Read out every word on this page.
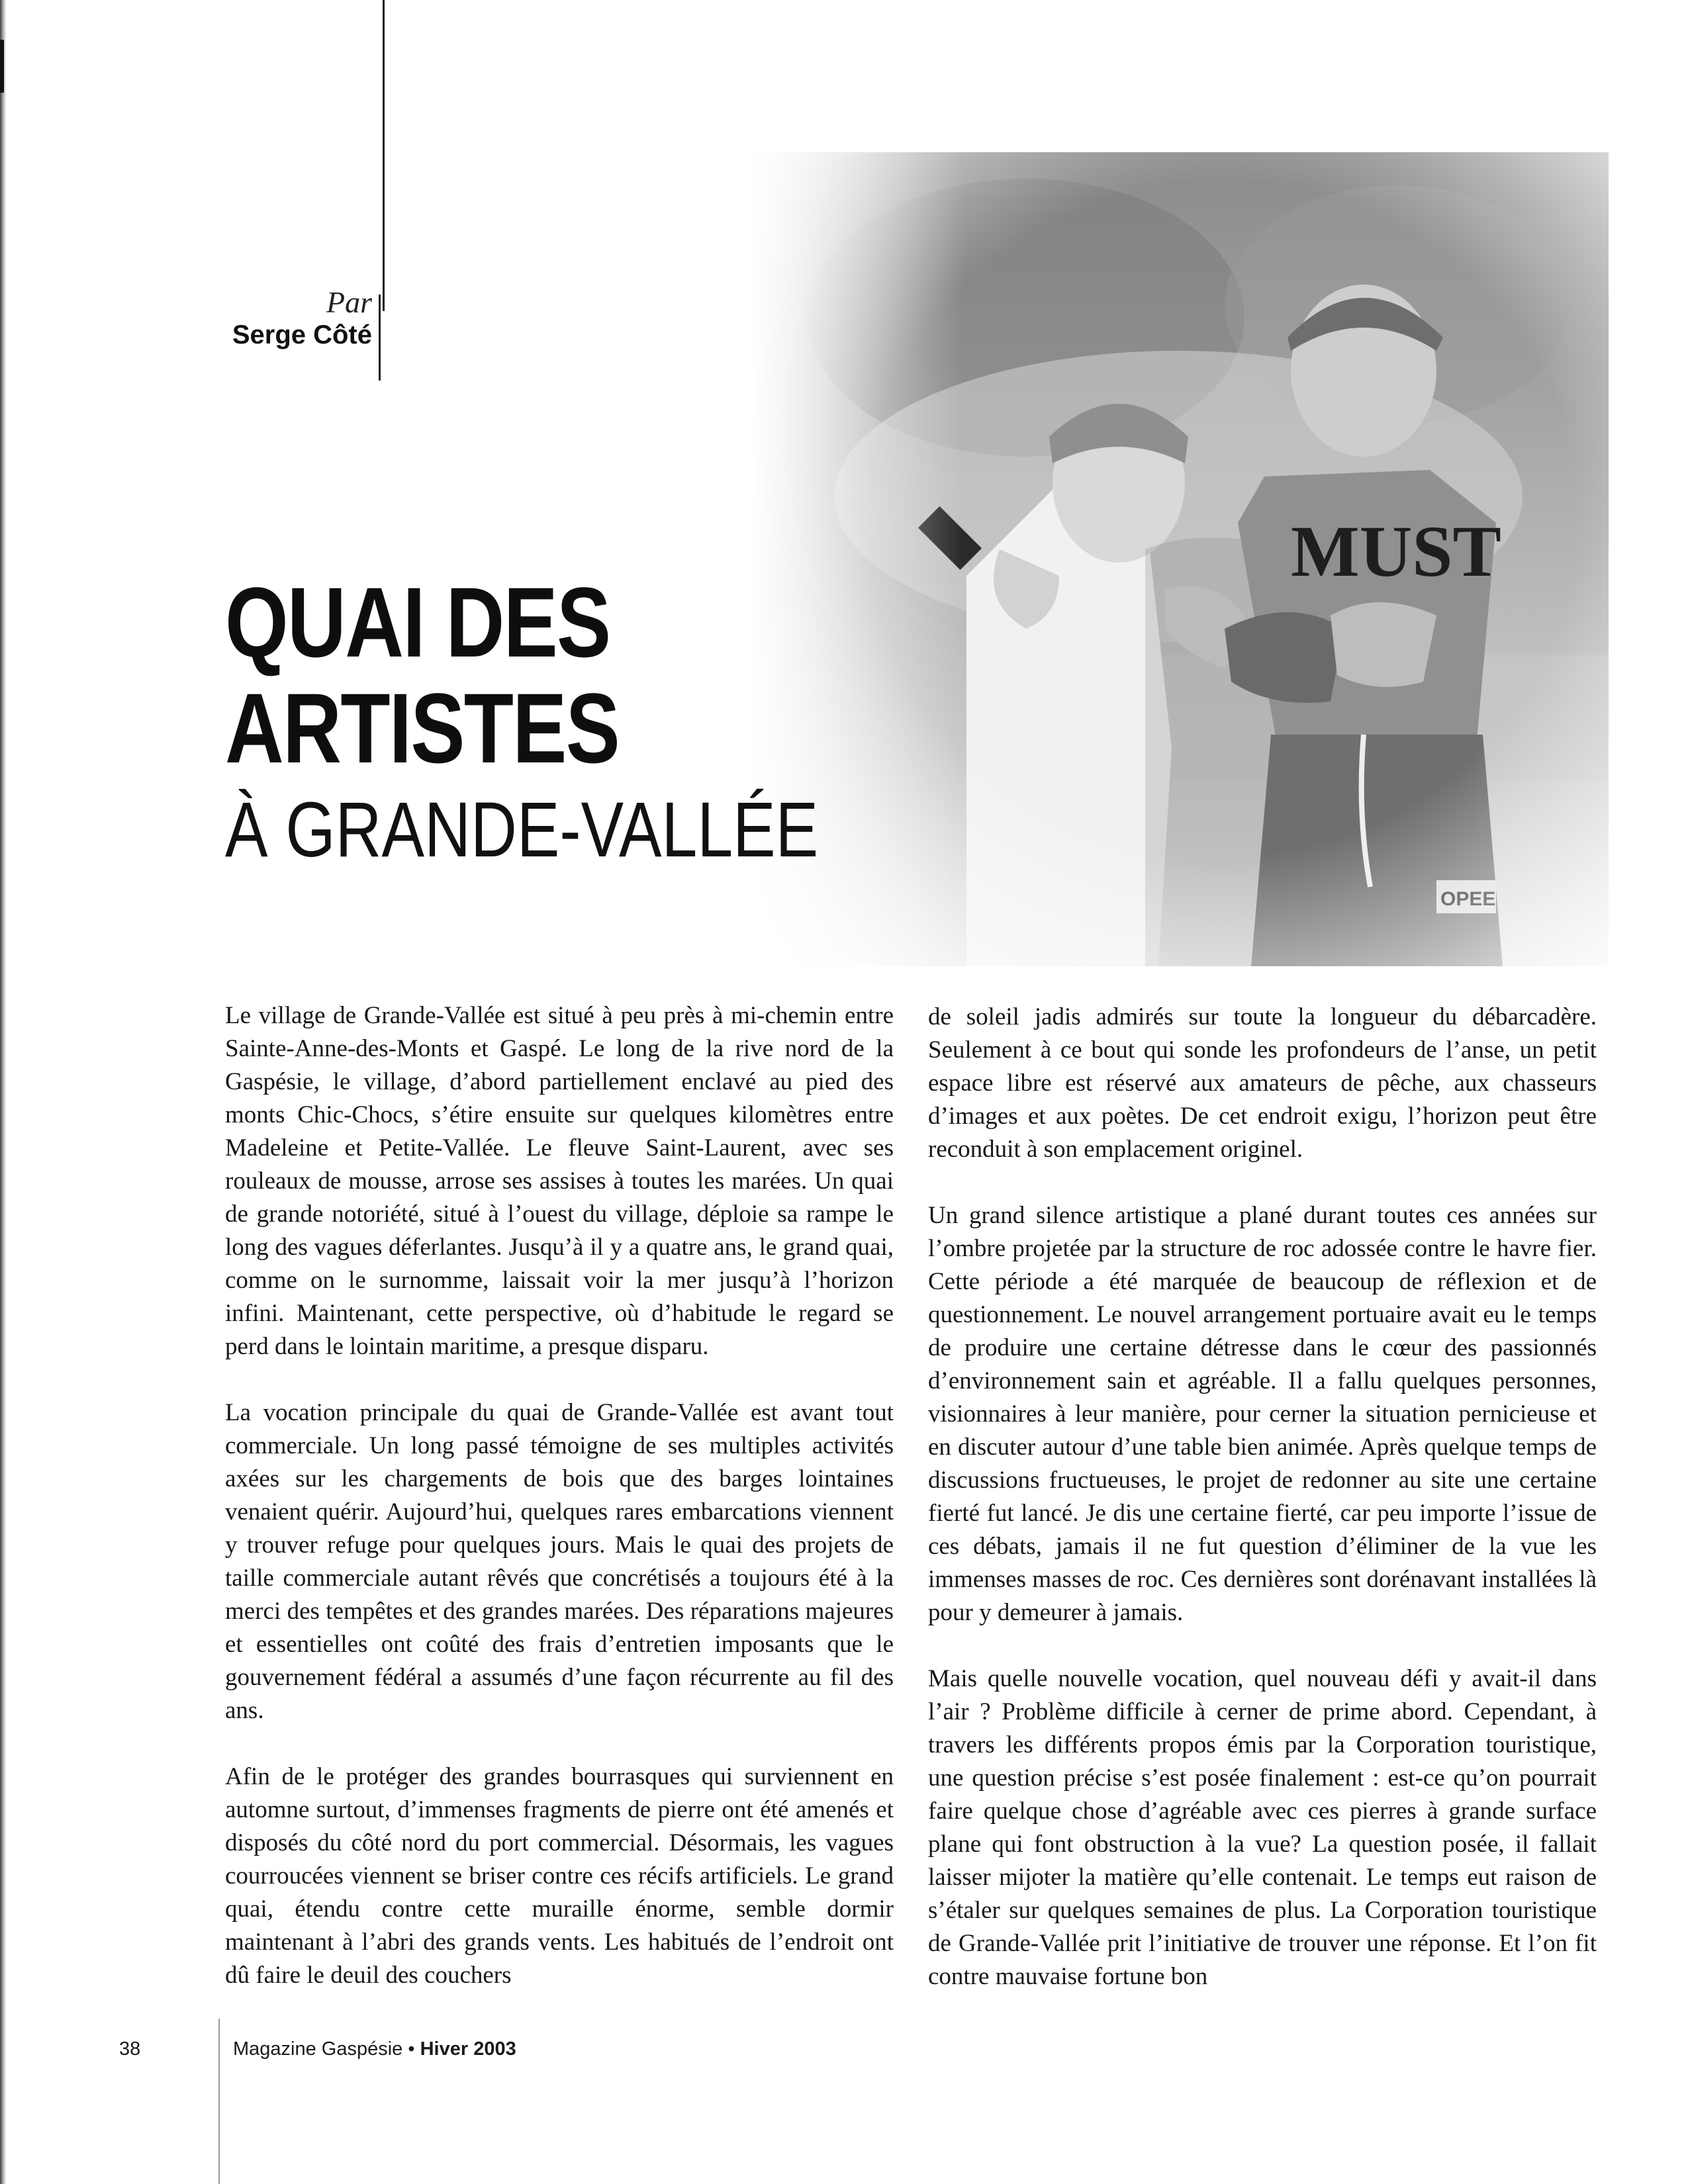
Par
Serge Côté
QUAI DES
ARTISTES
À GRANDE-VALLÉE

Le village de Grande-Vallée est situé à peu près à mi-chemin entre Sainte-Anne-des-Monts et Gaspé. Le long de la rive nord de la Gaspésie, le village, d’abord partiellement enclavé au pied des monts Chic-Chocs, s’étire ensuite sur quelques kilomètres entre Madeleine et Petite-Vallée. Le fleuve Saint-Laurent, avec ses rouleaux de mousse, arrose ses assises à toutes les marées. Un quai de grande notoriété, situé à l’ouest du village, déploie sa rampe le long des vagues déferlantes. Jusqu’à il y a quatre ans, le grand quai, comme on le surnomme, laissait voir la mer jusqu’à l’horizon infini. Maintenant, cette perspective, où d’habitude le regard se perd dans le lointain maritime, a presque disparu.

La vocation principale du quai de Grande-Vallée est avant tout commerciale. Un long passé témoigne de ses multiples activités axées sur les chargements de bois que des barges lointaines venaient quérir. Aujourd’hui, quelques rares embarcations viennent y trouver refuge pour quelques jours. Mais le quai des projets de taille commerciale autant rêvés que concrétisés a toujours été à la merci des tempêtes et des grandes marées. Des réparations majeures et essentielles ont coûté des frais d’entretien imposants que le gouvernement fédéral a assumés d’une façon récurrente au fil des ans.

Afin de le protéger des grandes bourrasques qui surviennent en automne surtout, d’immenses fragments de pierre ont été amenés et disposés du côté nord du port commercial. Désormais, les vagues courroucées viennent se briser contre ces récifs artificiels. Le grand quai, étendu contre cette muraille énorme, semble dormir maintenant à l’abri des grands vents. Les habitués de l’endroit ont dû faire le deuil des couchers

de soleil jadis admirés sur toute la longueur du débarcadère. Seulement à ce bout qui sonde les profondeurs de l’anse, un petit espace libre est réservé aux amateurs de pêche, aux chasseurs d’images et aux poètes. De cet endroit exigu, l’horizon peut être reconduit à son emplacement originel.

Un grand silence artistique a plané durant toutes ces années sur l’ombre projetée par la structure de roc adossée contre le havre fier. Cette période a été marquée de beaucoup de réflexion et de questionnement. Le nouvel arrangement portuaire avait eu le temps de produire une certaine détresse dans le cœur des passionnés d’environnement sain et agréable. Il a fallu quelques personnes, visionnaires à leur manière, pour cerner la situation pernicieuse et en discuter autour d’une table bien animée. Après quelque temps de discussions fructueuses, le projet de redonner au site une certaine fierté fut lancé. Je dis une certaine fierté, car peu importe l’issue de ces débats, jamais il ne fut question d’éliminer de la vue les immenses masses de roc. Ces dernières sont dorénavant installées là pour y demeurer à jamais.

Mais quelle nouvelle vocation, quel nouveau défi y avait-il dans l’air ? Problème difficile à cerner de prime abord. Cependant, à travers les différents propos émis par la Corporation touristique, une question précise s’est posée finalement : est-ce qu’on pourrait faire quelque chose d’agréable avec ces pierres à grande surface plane qui font obstruction à la vue? La question posée, il fallait laisser mijoter la matière qu’elle contenait. Le temps eut raison de s’étaler sur quelques semaines de plus. La Corporation touristique de Grande-Vallée prit l’initiative de trouver une réponse. Et l’on fit contre mauvaise fortune bon

38	Magazine Gaspésie • Hiver 2003
